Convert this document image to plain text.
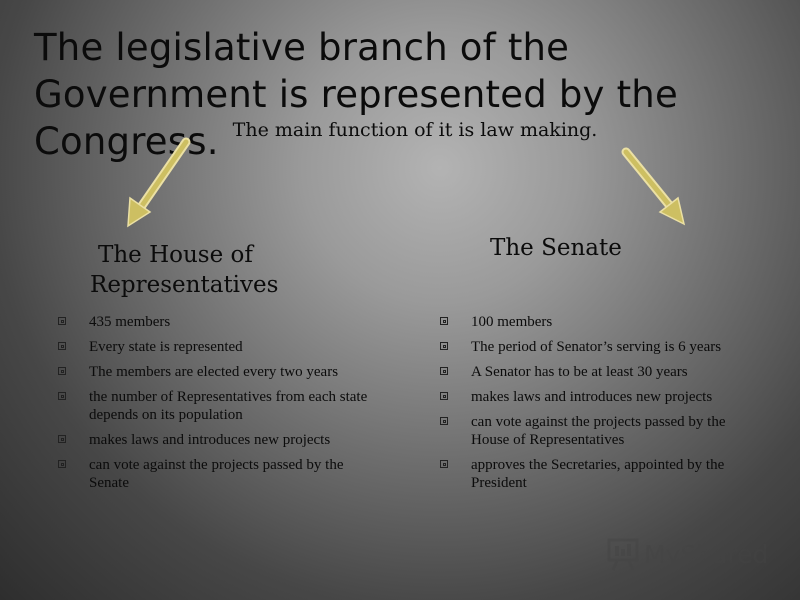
The legislative branch of the Government is represented by the Congress. The main function of it is law making.
The House of Representatives
The Senate
435 members
Every state is represented
The members are elected every two years
the number of Representatives from each state depends on its population
makes laws and introduces new projects
can vote against the projects passed by the Senate
100 members
The period of Senator’s serving is 6 years
A Senator has to be at least 30 years
makes laws and introduces new projects
can vote against the projects passed by the House of Representatives
approves the Secretaries, appointed by the President
MyShared
